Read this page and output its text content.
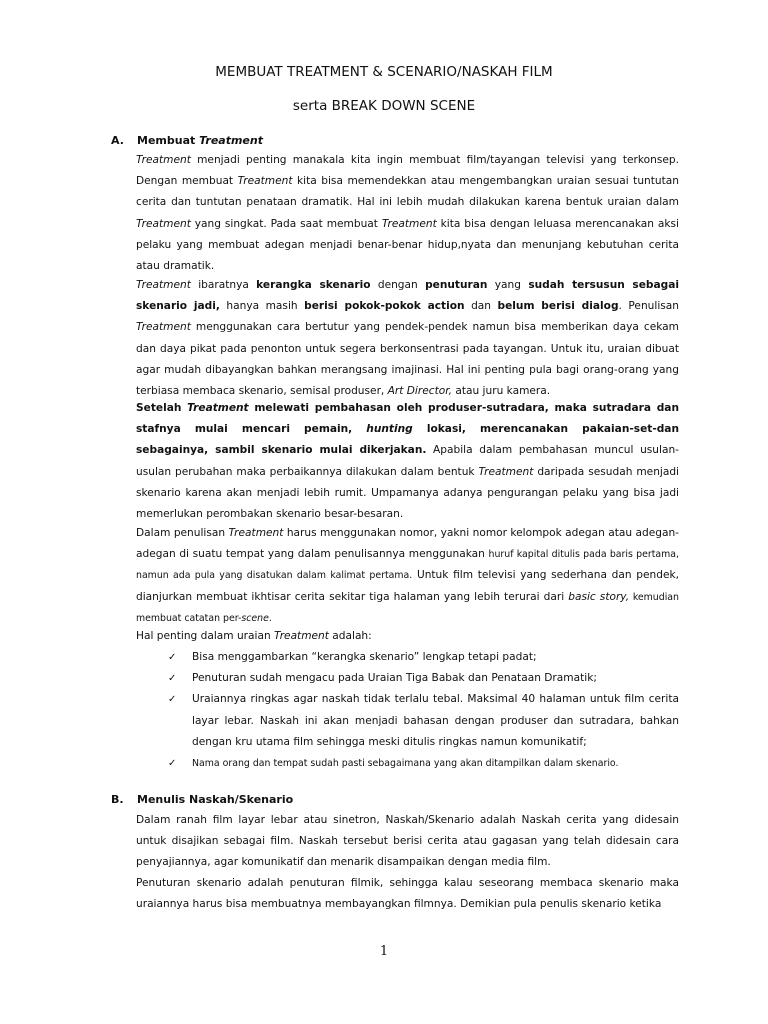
MEMBUAT TREATMENT & SCENARIO/NASKAH FILM
serta BREAK DOWN SCENE
A. Membuat Treatment

Treatment menjadi penting manakala kita ingin membuat film/tayangan televisi yang terkonsep. Dengan membuat Treatment kita bisa memendekkan atau mengembangkan uraian sesuai tuntutan cerita dan tuntutan penataan dramatik. Hal ini lebih mudah dilakukan karena bentuk uraian dalam Treatment yang singkat. Pada saat membuat Treatment kita bisa dengan leluasa merencanakan aksi pelaku yang membuat adegan menjadi benar-benar hidup,nyata dan menunjang kebutuhan cerita atau dramatik.

Treatment ibaratnya kerangka skenario dengan penuturan yang sudah tersusun sebagai skenario jadi, hanya masih berisi pokok-pokok action dan belum berisi dialog. Penulisan Treatment menggunakan cara bertutur yang pendek-pendek namun bisa memberikan daya cekam dan daya pikat pada penonton untuk segera berkonsentrasi pada tayangan. Untuk itu, uraian dibuat agar mudah dibayangkan bahkan merangsang imajinasi. Hal ini penting pula bagi orang-orang yang terbiasa membaca skenario, semisal produser, Art Director, atau juru kamera.

Setelah Treatment melewati pembahasan oleh produser-sutradara, maka sutradara dan stafnya mulai mencari pemain, hunting lokasi, merencanakan pakaian-set-dan sebagainya, sambil skenario mulai dikerjakan. Apabila dalam pembahasan muncul usulan-usulan perubahan maka perbaikannya dilakukan dalam bentuk Treatment daripada sesudah menjadi skenario karena akan menjadi lebih rumit. Umpamanya adanya pengurangan pelaku yang bisa jadi memerlukan perombakan skenario besar-besaran.

Dalam penulisan Treatment harus menggunakan nomor, yakni nomor kelompok adegan atau adegan-adegan di suatu tempat yang dalam penulisannya menggunakan huruf kapital ditulis pada baris pertama, namun ada pula yang disatukan dalam kalimat pertama. Untuk film televisi yang sederhana dan pendek, dianjurkan membuat ikhtisar cerita sekitar tiga halaman yang lebih terurai dari basic story, kemudian membuat catatan per-scene.

Hal penting dalam uraian Treatment adalah:

✓ Bisa menggambarkan “kerangka skenario” lengkap tetapi padat;
✓ Penuturan sudah mengacu pada Uraian Tiga Babak dan Penataan Dramatik;
✓ Uraiannya ringkas agar naskah tidak terlalu tebal. Maksimal 40 halaman untuk film cerita layar lebar. Naskah ini akan menjadi bahasan dengan produser dan sutradara, bahkan dengan kru utama film sehingga meski ditulis ringkas namun komunikatif;
✓ Nama orang dan tempat sudah pasti sebagaimana yang akan ditampilkan dalam skenario.
B. Menulis Naskah/Skenario

Dalam ranah film layar lebar atau sinetron, Naskah/Skenario adalah Naskah cerita yang didesain untuk disajikan sebagai film. Naskah tersebut berisi cerita atau gagasan yang telah didesain cara penyajiannya, agar komunikatif dan menarik disampaikan dengan media film.

Penuturan skenario adalah penuturan filmik, sehingga kalau seseorang membaca skenario maka uraiannya harus bisa membuatnya membayangkan filmnya. Demikian pula penulis skenario ketika

1
